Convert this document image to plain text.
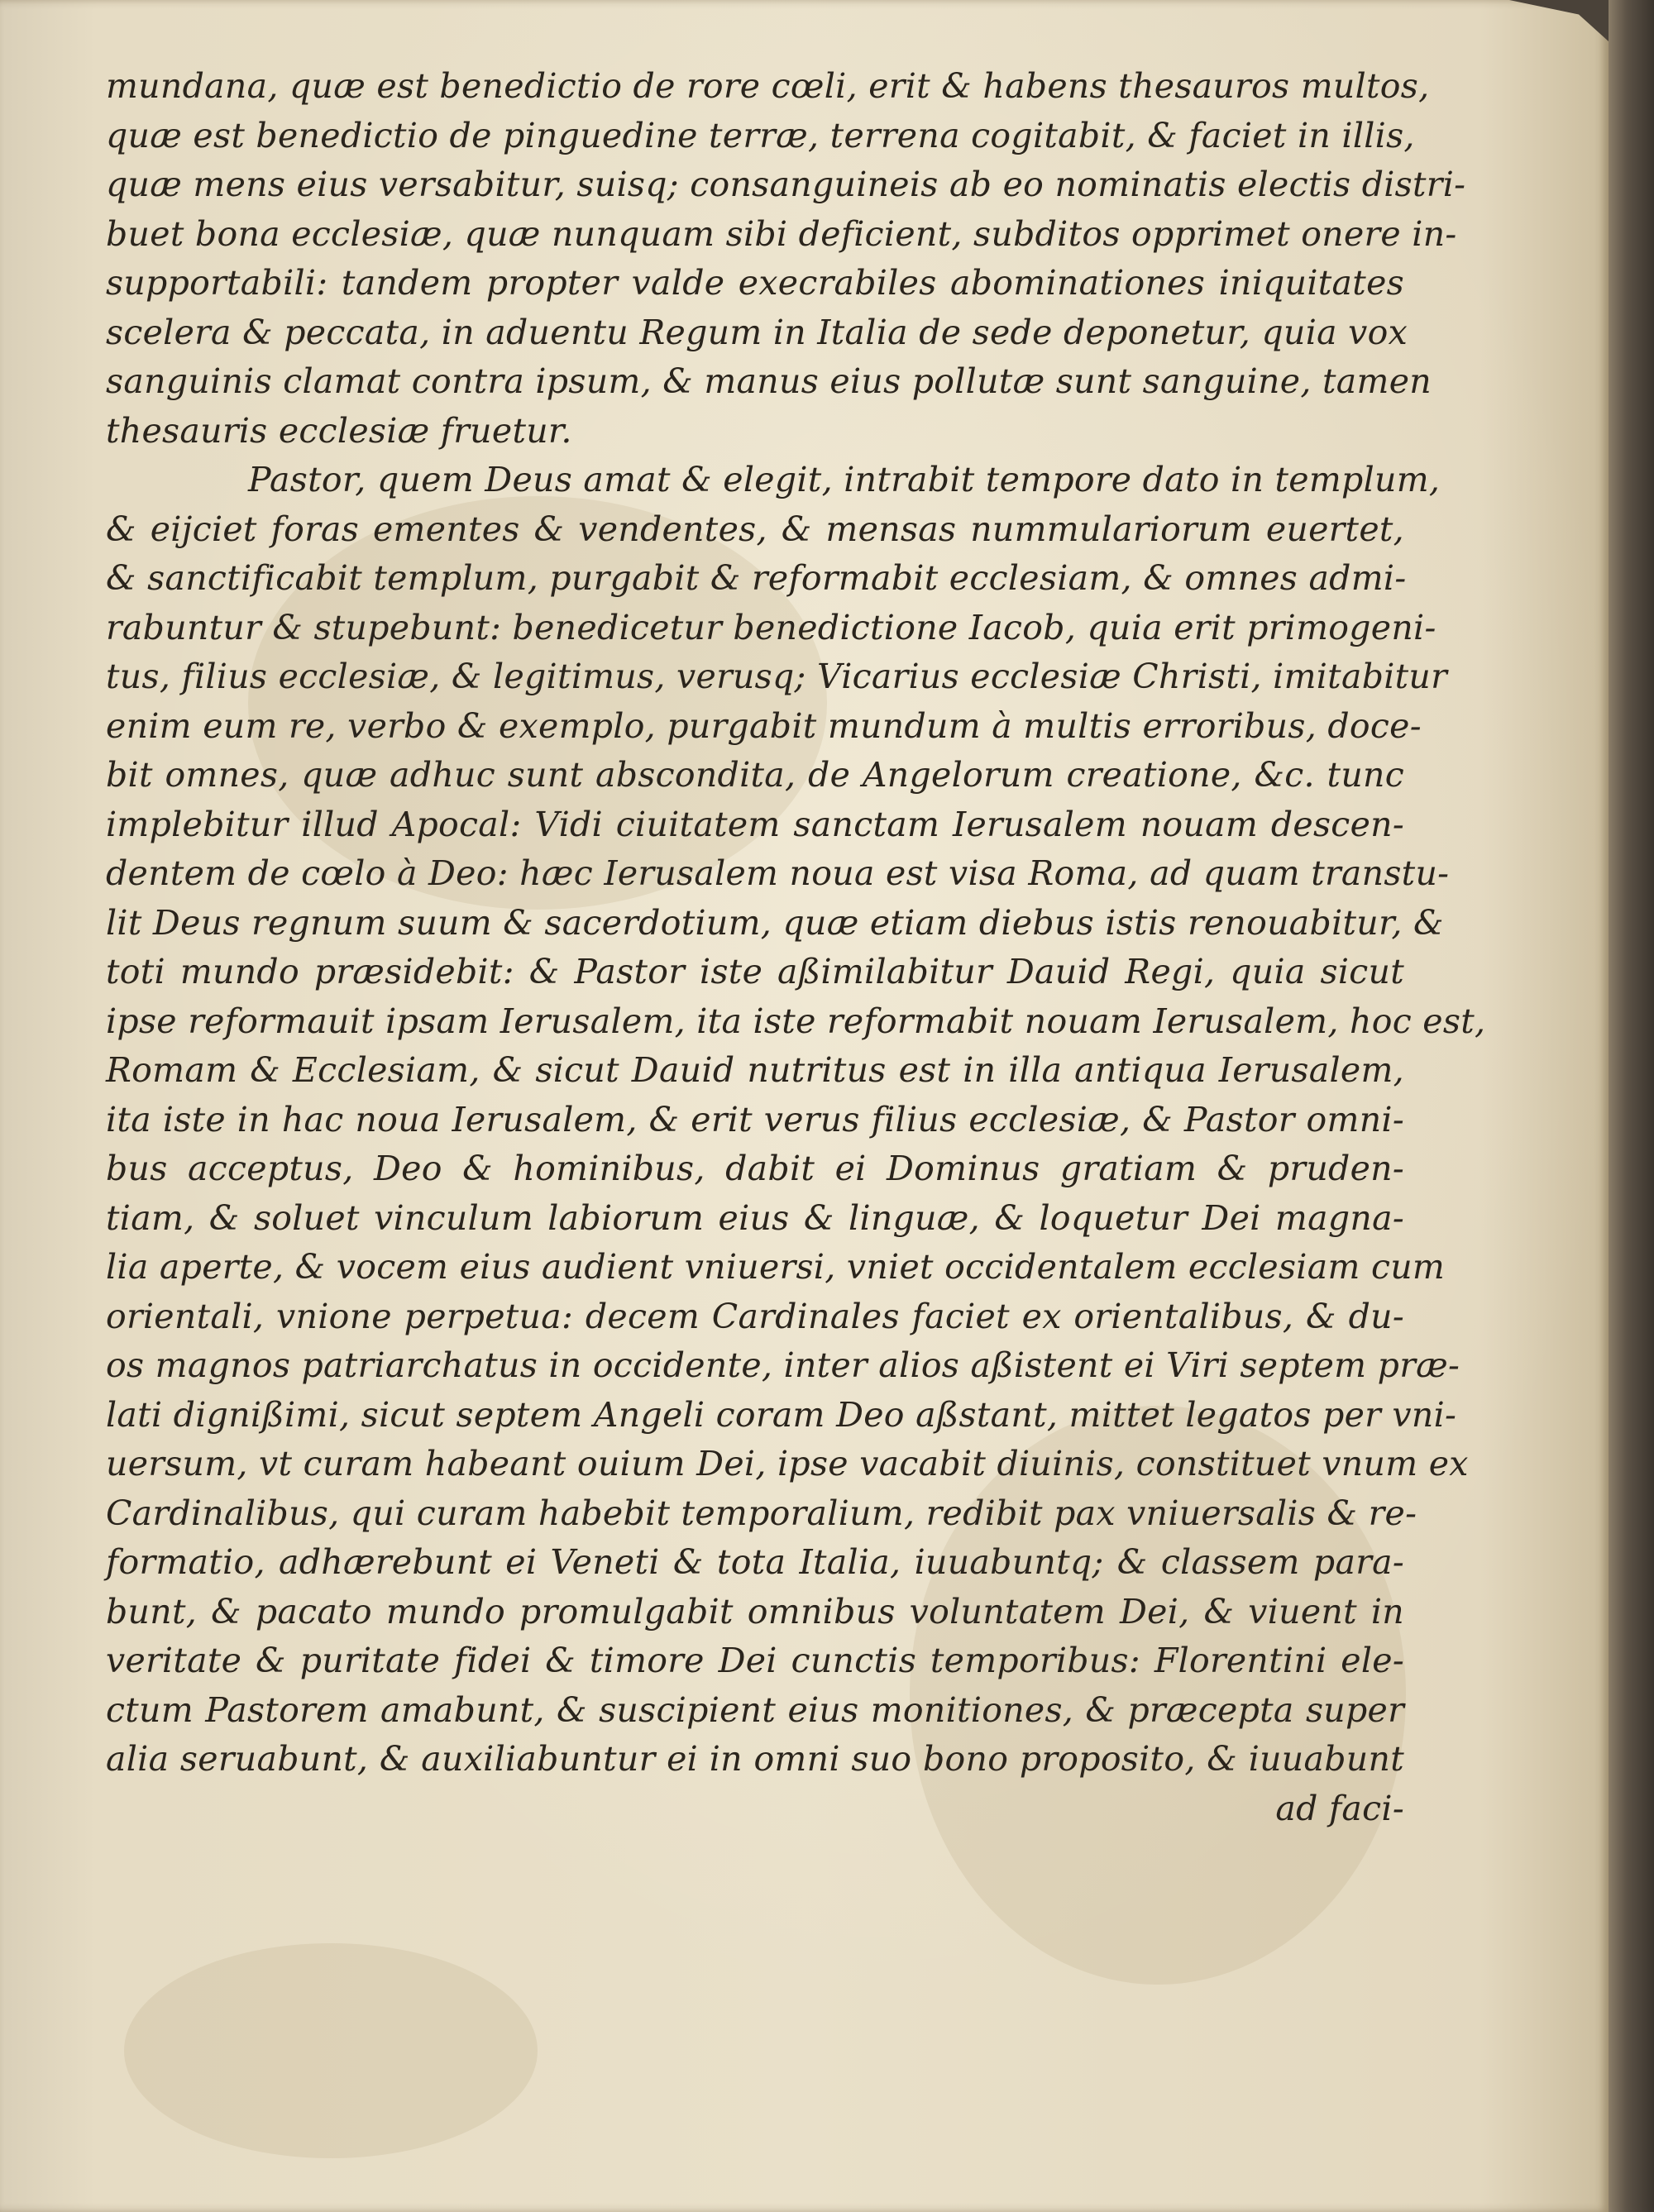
mundana, quæ est benedictio de rore cœli, erit & habens thesauros multos,
quæ est benedictio de pinguedine terræ, terrena cogitabit, & faciet in illis,
quæ mens eius versabitur, suisq; consanguineis ab eo nominatis electis distri-
buet bona ecclesiæ, quæ nunquam sibi deficient, subditos opprimet onere in-
supportabili: tandem propter valde execrabiles abominationes iniquitates
scelera & peccata, in aduentu Regum in Italia de sede deponetur, quia vox
sanguinis clamat contra ipsum, & manus eius pollutæ sunt sanguine, tamen
thesauris ecclesiæ fruetur.
Pastor, quem Deus amat & elegit, intrabit tempore dato in templum,
& eijciet foras ementes & vendentes, & mensas nummulariorum euertet,
& sanctificabit templum, purgabit & reformabit ecclesiam, & omnes admi-
rabuntur & stupebunt: benedicetur benedictione Iacob, quia erit primogeni-
tus, filius ecclesiæ, & legitimus, verusq; Vicarius ecclesiæ Christi, imitabitur
enim eum re, verbo & exemplo, purgabit mundum à multis erroribus, doce-
bit omnes, quæ adhuc sunt abscondita, de Angelorum creatione, &c. tunc
implebitur illud Apocal: Vidi ciuitatem sanctam Ierusalem nouam descen-
dentem de cœlo à Deo: hæc Ierusalem noua est visa Roma, ad quam transtu-
lit Deus regnum suum & sacerdotium, quæ etiam diebus istis renouabitur, &
toti mundo præsidebit: & Pastor iste aßimilabitur Dauid Regi, quia sicut
ipse reformauit ipsam Ierusalem, ita iste reformabit nouam Ierusalem, hoc est,
Romam & Ecclesiam, & sicut Dauid nutritus est in illa antiqua Ierusalem,
ita iste in hac noua Ierusalem, & erit verus filius ecclesiæ, & Pastor omni-
bus acceptus, Deo & hominibus, dabit ei Dominus gratiam & pruden-
tiam, & soluet vinculum labiorum eius & linguæ, & loquetur Dei magna-
lia aperte, & vocem eius audient vniuersi, vniet occidentalem ecclesiam cum
orientali, vnione perpetua: decem Cardinales faciet ex orientalibus, & du-
os magnos patriarchatus in occidente, inter alios aßistent ei Viri septem præ-
lati dignißimi, sicut septem Angeli coram Deo aßstant, mittet legatos per vni-
uersum, vt curam habeant ouium Dei, ipse vacabit diuinis, constituet vnum ex
Cardinalibus, qui curam habebit temporalium, redibit pax vniuersalis & re-
formatio, adhærebunt ei Veneti & tota Italia, iuuabuntq; & classem para-
bunt, & pacato mundo promulgabit omnibus voluntatem Dei, & viuent in
veritate & puritate fidei & timore Dei cunctis temporibus: Florentini ele-
ctum Pastorem amabunt, & suscipient eius monitiones, & præcepta super
alia seruabunt, & auxiliabuntur ei in omni suo bono proposito, & iuuabunt
ad faci-
